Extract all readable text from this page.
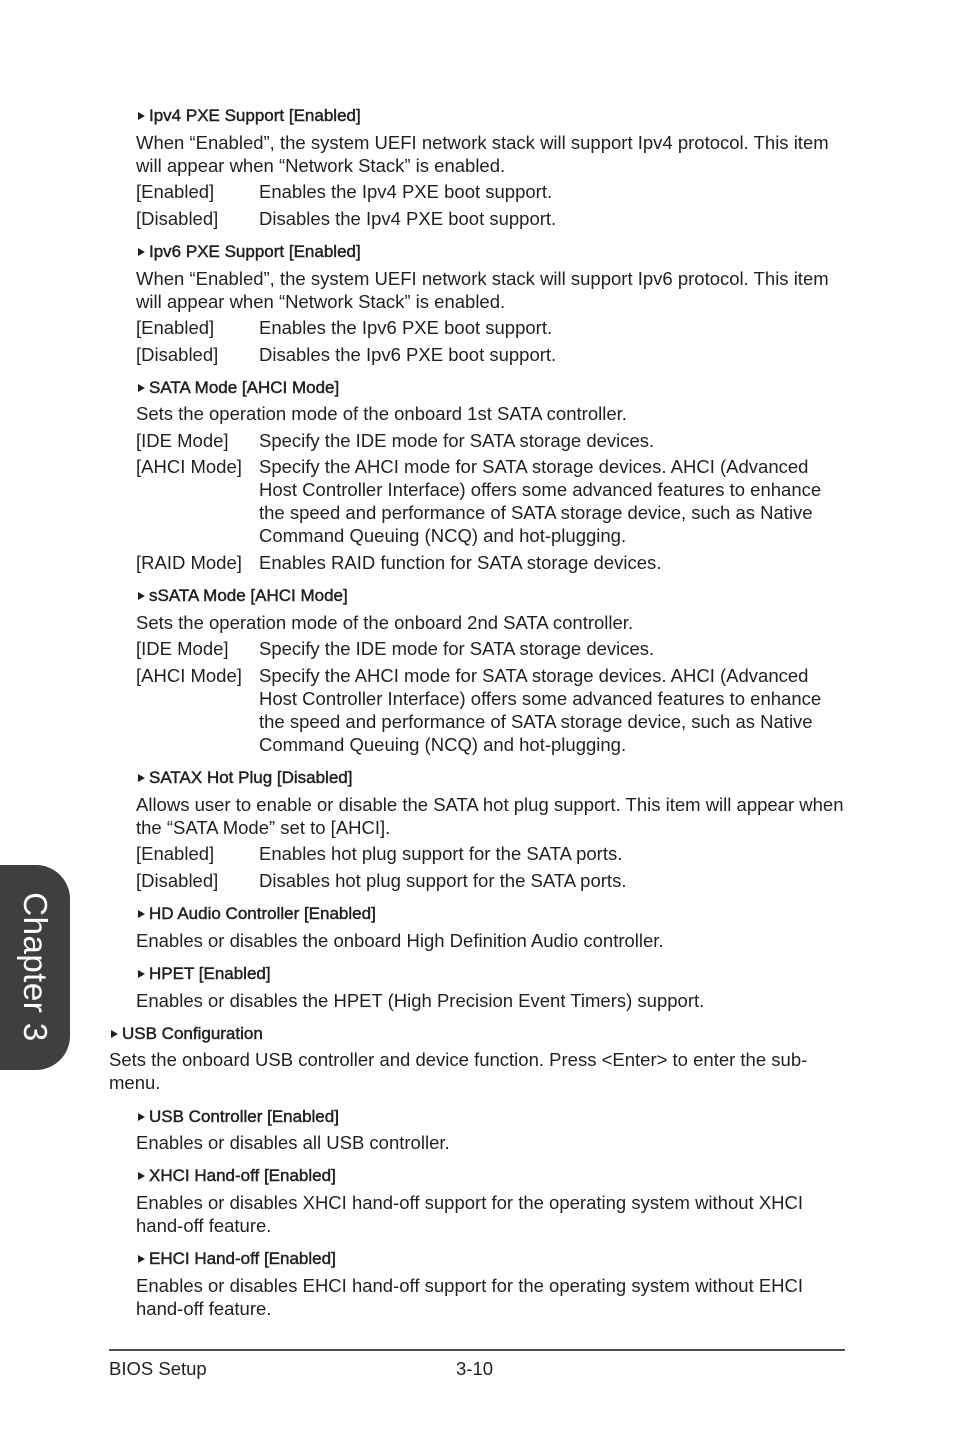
Ipv4 PXE Support [Enabled]
When “Enabled”, the system UEFI network stack will support Ipv4 protocol. This item will appear when “Network Stack” is enabled.
[Enabled] Enables the Ipv4 PXE boot support.
[Disabled] Disables the Ipv4 PXE boot support.
Ipv6 PXE Support [Enabled]
When “Enabled”, the system UEFI network stack will support Ipv6 protocol. This item will appear when “Network Stack” is enabled.
[Enabled] Enables the Ipv6 PXE boot support.
[Disabled] Disables the Ipv6 PXE boot support.
SATA Mode [AHCI Mode]
Sets the operation mode of the onboard 1st SATA controller.
[IDE Mode] Specify the IDE mode for SATA storage devices.
[AHCI Mode] Specify the AHCI mode for SATA storage devices. AHCI (Advanced Host Controller Interface) offers some advanced features to enhance the speed and performance of SATA storage device, such as Native Command Queuing (NCQ) and hot-plugging.
[RAID Mode] Enables RAID function for SATA storage devices.
sSATA Mode [AHCI Mode]
Sets the operation mode of the onboard 2nd SATA controller.
[IDE Mode] Specify the IDE mode for SATA storage devices.
[AHCI Mode] Specify the AHCI mode for SATA storage devices. AHCI (Advanced Host Controller Interface) offers some advanced features to enhance the speed and performance of SATA storage device, such as Native Command Queuing (NCQ) and hot-plugging.
SATAX Hot Plug [Disabled]
Allows user to enable or disable the SATA hot plug support. This item will appear when the “SATA Mode” set to [AHCI].
[Enabled] Enables hot plug support for the SATA ports.
[Disabled] Disables hot plug support for the SATA ports.
HD Audio Controller [Enabled]
Enables or disables the onboard High Definition Audio controller.
HPET [Enabled]
Enables or disables the HPET (High Precision Event Timers) support.
USB Configuration
Sets the onboard USB controller and device function. Press <Enter> to enter the sub-
menu.
USB Controller [Enabled]
Enables or disables all USB controller.
XHCI Hand-off [Enabled]
Enables or disables XHCI hand-off support for the operating system without XHCI hand-off feature.
EHCI Hand-off [Enabled]
Enables or disables EHCI hand-off support for the operating system without EHCI hand-off feature.
Chapter 3
BIOS Setup	3-10
